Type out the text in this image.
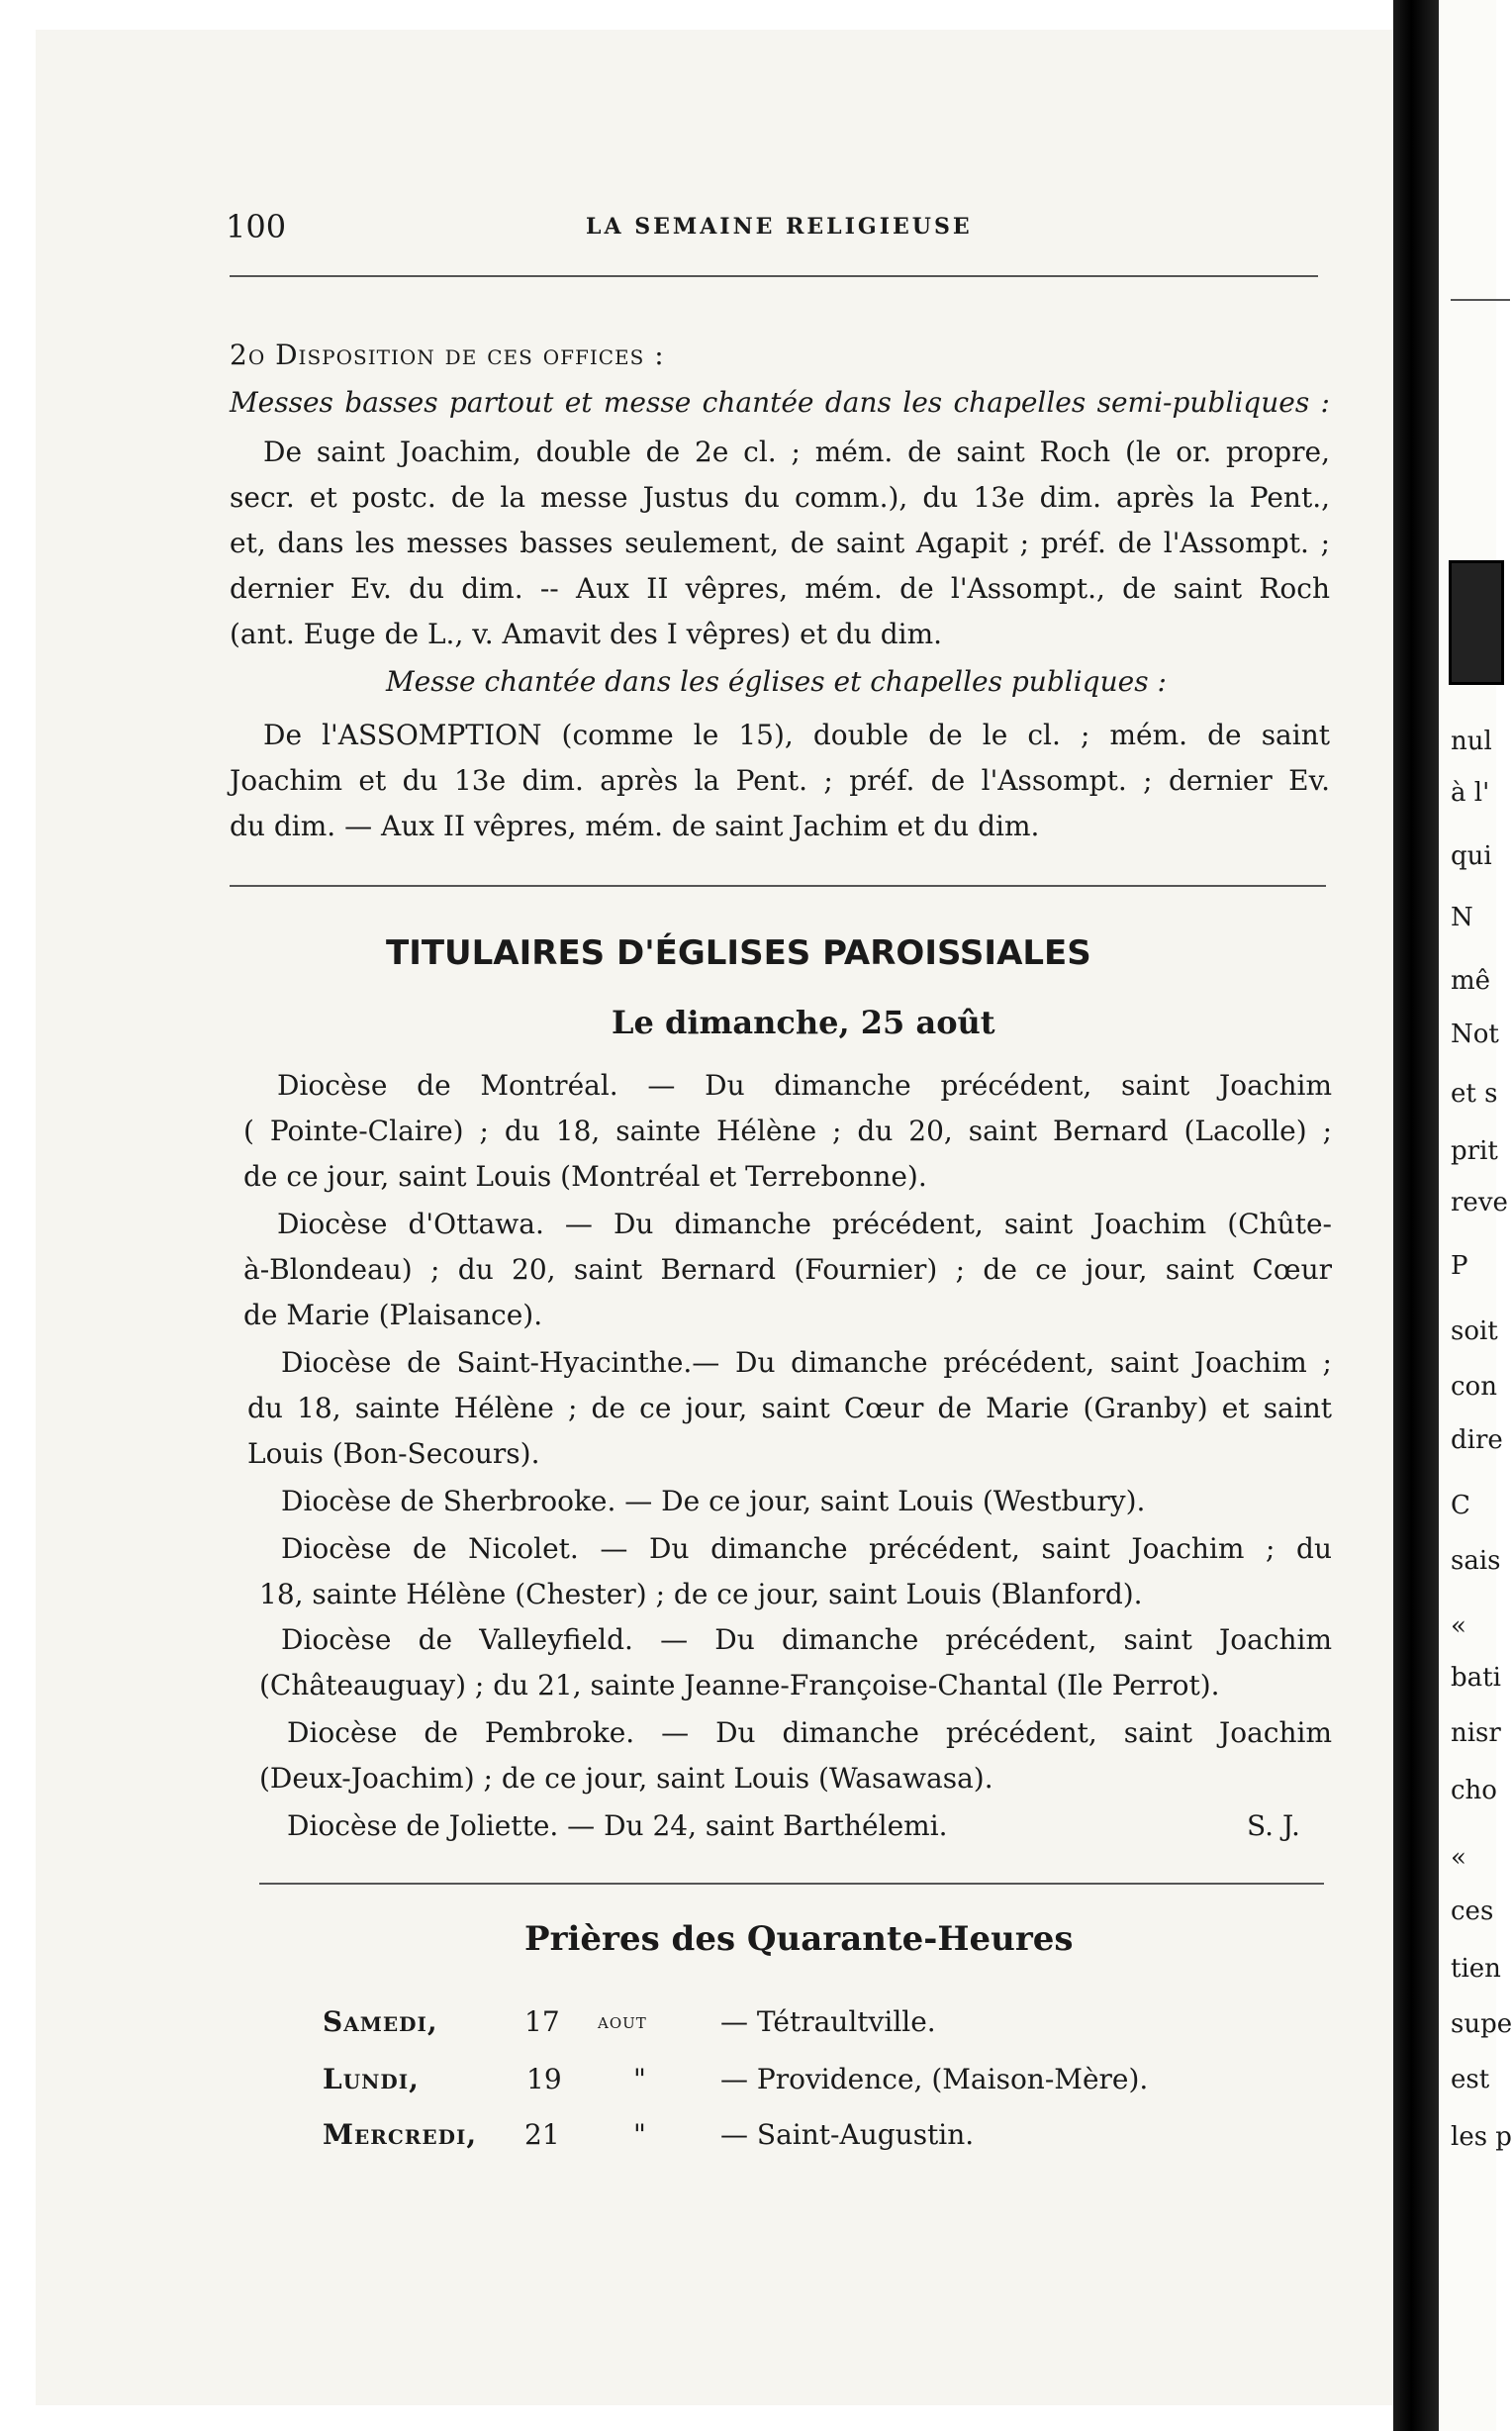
nul
à l'
qui
N
mê
Not
et s
prit
reve
P
soit
con
dire
C
sais
«
bati
nisr
cho
«
ces
tien
supe
est
les p
100	LA SEMAINE RELIGIEUSE
2o Disposition de ces offices :
Messes basses partout et messe chantée dans les chapelles semi-publiques :
De saint Joachim, double de 2e cl. ; mém. de saint Roch (le or. propre,
secr. et postc. de la messe Justus du comm.), du 13e dim. après la Pent.,
et, dans les messes basses seulement, de saint Agapit ; préf. de l'Assompt. ;
dernier Ev. du dim. -- Aux II vêpres, mém. de l'Assompt., de saint Roch
(ant. Euge de L., v. Amavit des I vêpres) et du dim.
Messe chantée dans les églises et chapelles publiques :
De l'ASSOMPTION (comme le 15), double de le cl. ; mém. de saint
Joachim et du 13e dim. après la Pent. ; préf. de l'Assompt. ; dernier Ev.
du dim. — Aux II vêpres, mém. de saint Jachim et du dim.
TITULAIRES D'ÉGLISES PAROISSIALES
Le dimanche, 25 août
Diocèse de Montréal. — Du dimanche précédent, saint Joachim
( Pointe-Claire) ; du 18, sainte Hélène ; du 20, saint Bernard (Lacolle) ;
de ce jour, saint Louis (Montréal et Terrebonne).
Diocèse d'Ottawa. — Du dimanche précédent, saint Joachim (Chûte-
à-Blondeau) ; du 20, saint Bernard (Fournier) ; de ce jour, saint Cœur
de Marie (Plaisance).
Diocèse de Saint-Hyacinthe.— Du dimanche précédent, saint Joachim ;
du 18, sainte Hélène ; de ce jour, saint Cœur de Marie (Granby) et saint
Louis (Bon-Secours).
Diocèse de Sherbrooke. — De ce jour, saint Louis (Westbury).
Diocèse de Nicolet. — Du dimanche précédent, saint Joachim ; du
18, sainte Hélène (Chester) ; de ce jour, saint Louis (Blanford).
Diocèse de Valleyfield. — Du dimanche précédent, saint Joachim
(Châteauguay) ; du 21, sainte Jeanne-Françoise-Chantal (Ile Perrot).
Diocèse de Pembroke. — Du dimanche précédent, saint Joachim
(Deux-Joachim) ; de ce jour, saint Louis (Wasawasa).
Diocèse de Joliette. — Du 24, saint Barthélemi.	S. J.
Prières des Quarante-Heures
Samedi,	17 aout	— Tétraultville.
Lundi,	19	"	— Providence, (Maison-Mère).
Mercredi, 21	"	— Saint-Augustin.
